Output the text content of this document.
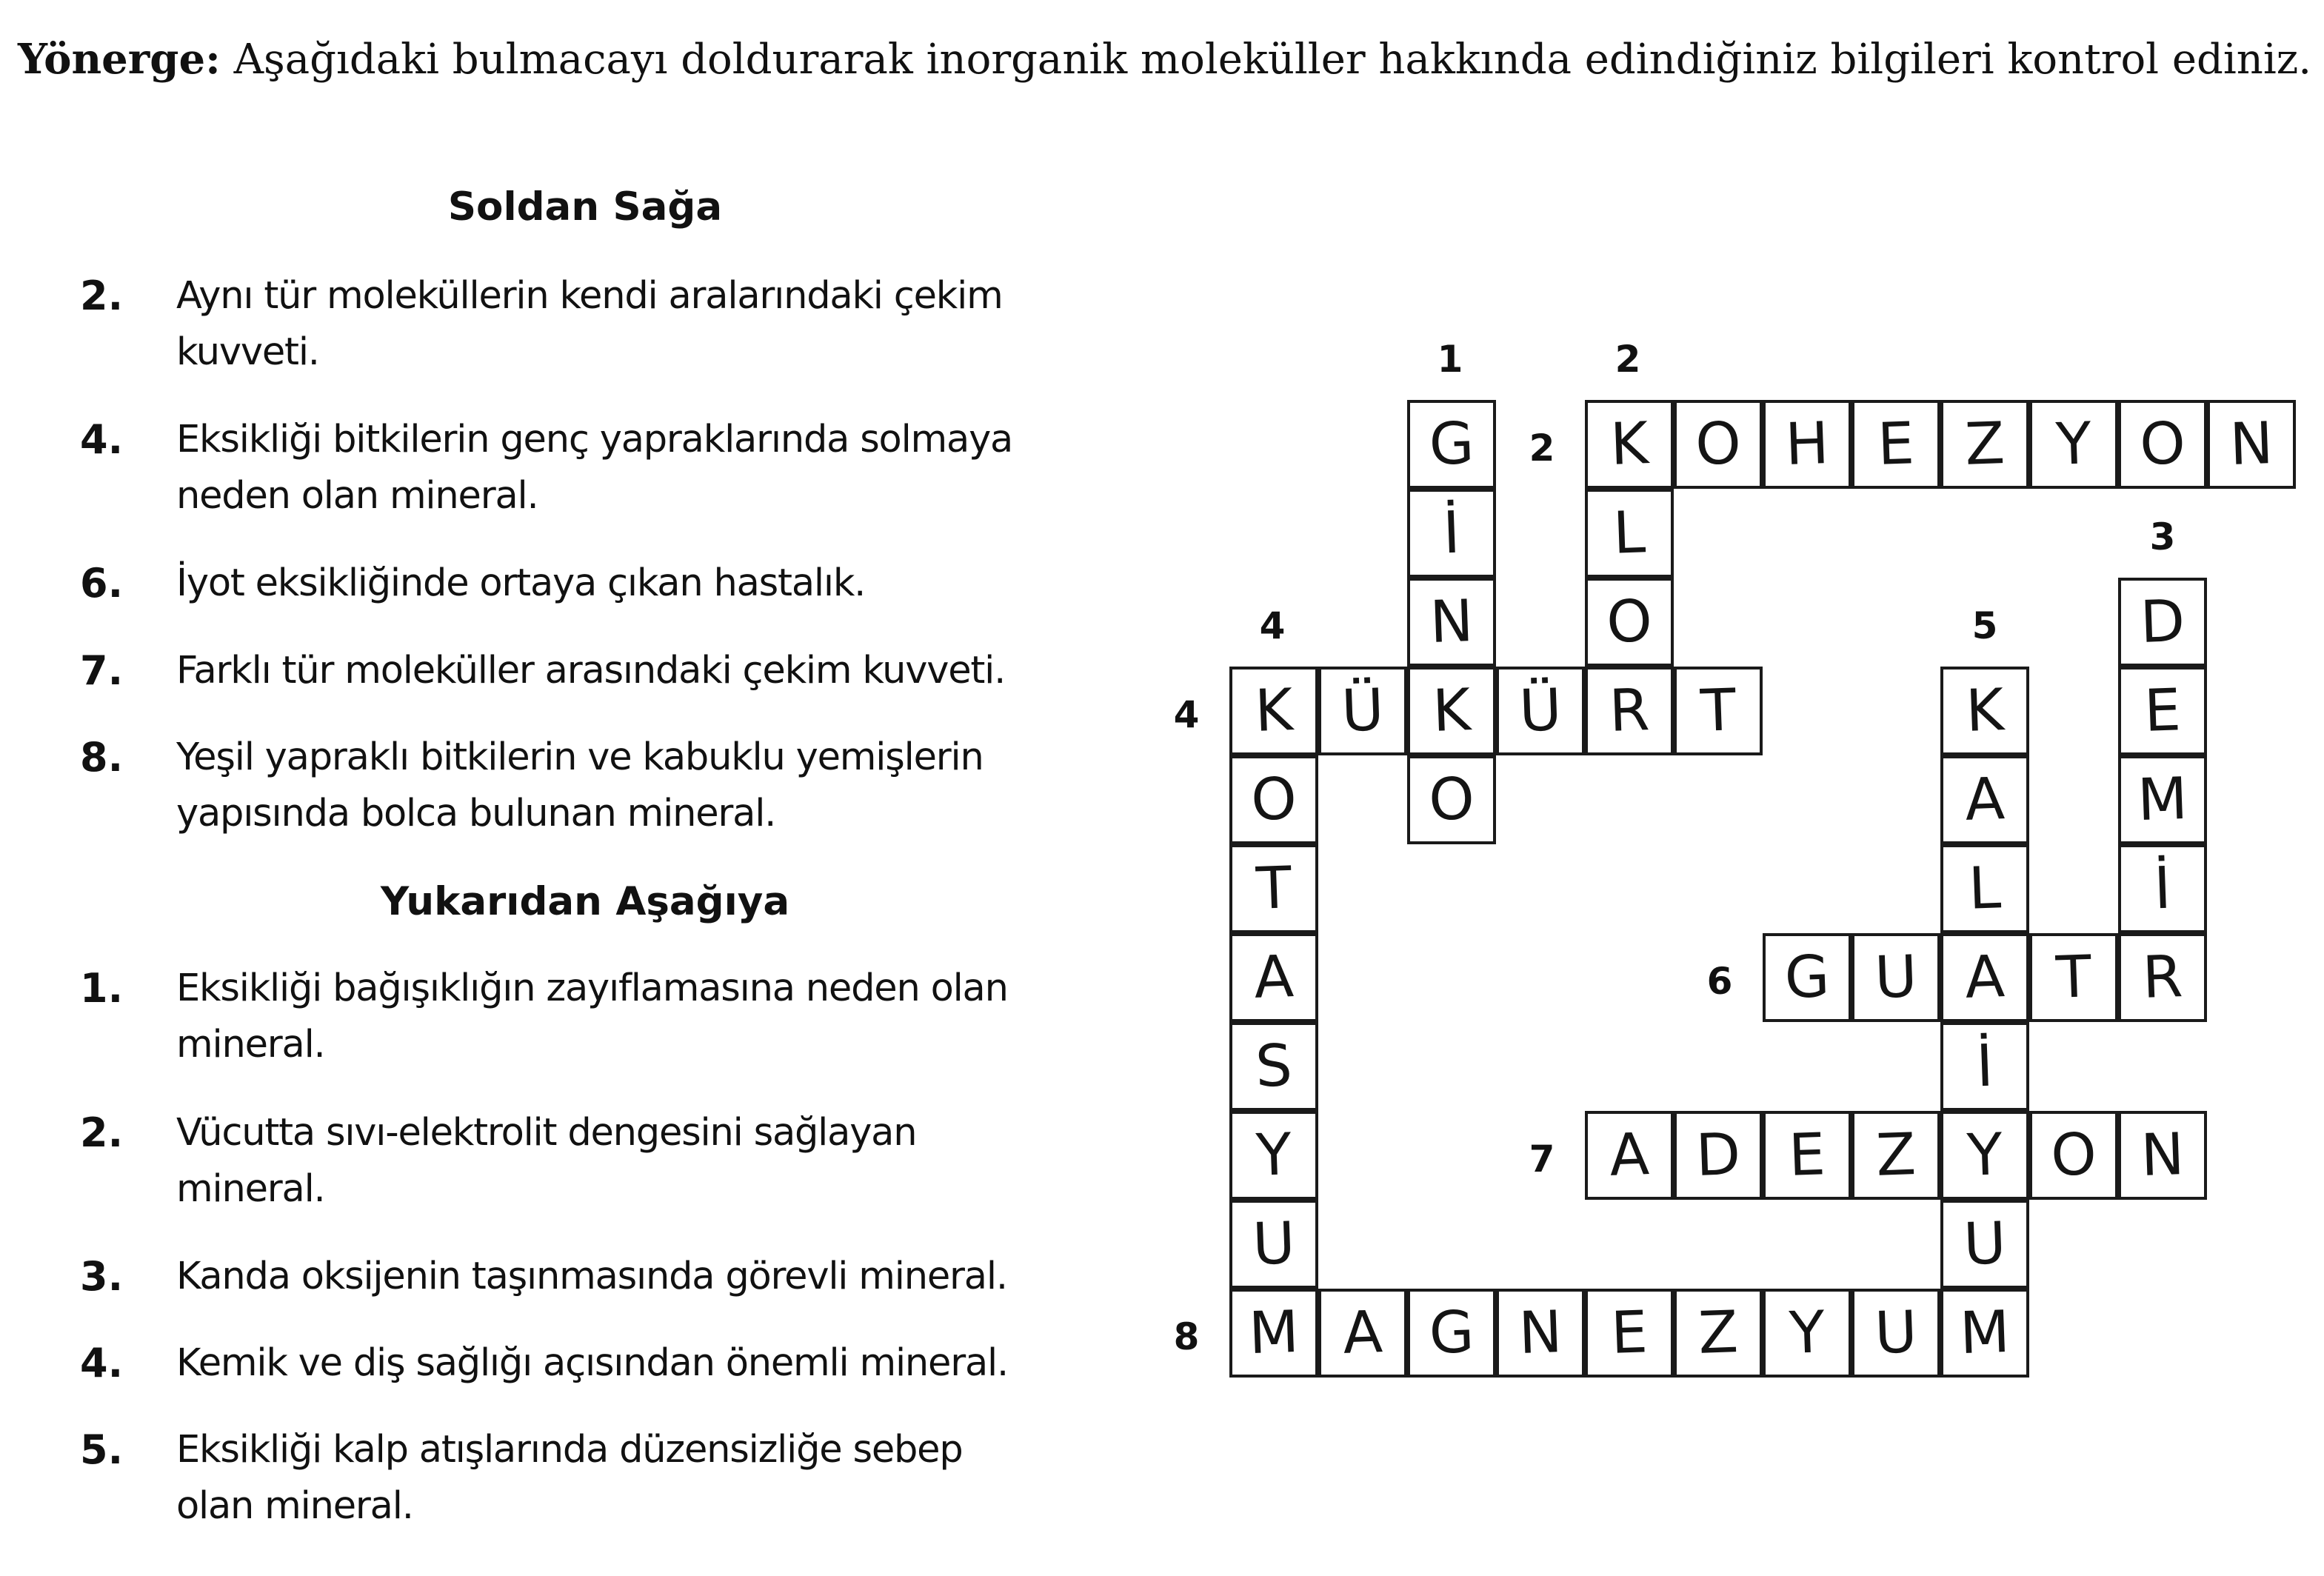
Yönerge: Aşağıdaki bulmacayı doldurarak inorganik moleküller hakkında edindiğiniz bilgileri kontrol ediniz.
Soldan Sağa
2.	Aynı tür moleküllerin kendi aralarındaki çekim
kuvveti.
4.	Eksikliği bitkilerin genç yapraklarında solmaya
neden olan mineral.
6.	İyot eksikliğinde ortaya çıkan hastalık.
7.	Farklı tür moleküller arasındaki çekim kuvveti.
8.	Yeşil yapraklı bitkilerin ve kabuklu yemişlerin
yapısında bolca bulunan mineral.
Yukarıdan Aşağıya
1.	Eksikliği bağışıklığın zayıflamasına neden olan
mineral.
2.	Vücutta sıvı-elektrolit dengesini sağlayan
mineral.
3.	Kanda oksijenin taşınmasında görevli mineral.
4.	Kemik ve diş sağlığı açısından önemli mineral.
5.	Eksikliği kalp atışlarında düzensizliğe sebep
olan mineral.
1	2
2
3
4
4
5
6
7
8
K O H E Z Y O N
G
İ
N
O
L
O
K Ü K Ü R T
O
T
A
S
Y
U
D
E
M
İ
K
A
L
İ
U
G U A T R
A D E Z Y O N
M A G N E Z Y U M
